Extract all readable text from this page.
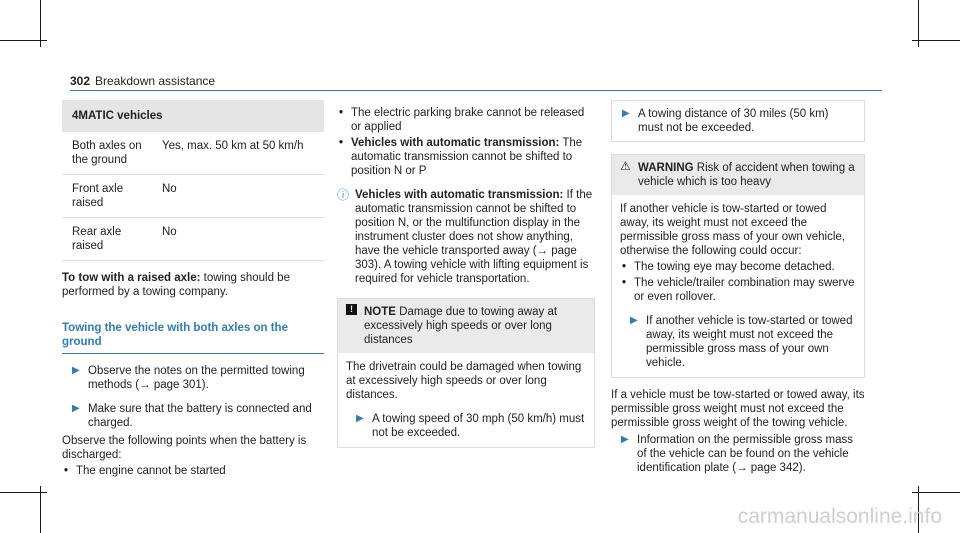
302 Breakdown assistance
4MATIC vehicles	
Both axles on the ground	Yes, max. 50 km at 50 km/h
Front axle raised	No
Rear axle raised	No
To tow with a raised axle: towing should be performed by a towing company.
Towing the vehicle with both axles on the ground
▶ Observe the notes on the permitted towing methods (→ page 301).
▶ Make sure that the battery is connected and charged.
Observe the following points when the battery is discharged:
• The engine cannot be started
• The electric parking brake cannot be released or applied
• Vehicles with automatic transmission: The automatic transmission cannot be shifted to position N or P
ⓘ Vehicles with automatic transmission: If the automatic transmission cannot be shifted to position N, or the multifunction display in the instrument cluster does not show anything, have the vehicle transported away (→ page 303). A towing vehicle with lifting equipment is required for vehicle transportation.
! NOTE Damage due to towing away at excessively high speeds or over long distances
The drivetrain could be damaged when towing at excessively high speeds or over long distances.
▶ A towing speed of 30 mph (50 km/h) must not be exceeded.
▶ A towing distance of 30 miles (50 km) must not be exceeded.
⚠ WARNING Risk of accident when towing a vehicle which is too heavy
If another vehicle is tow-started or towed away, its weight must not exceed the permissible gross mass of your own vehicle, otherwise the following could occur:
• The towing eye may become detached.
• The vehicle/trailer combination may swerve or even rollover.
▶ If another vehicle is tow-started or towed away, its weight must not exceed the permissible gross mass of your own vehicle.
If a vehicle must be tow-started or towed away, its permissible gross weight must not exceed the permissible gross weight of the towing vehicle.
▶ Information on the permissible gross mass of the vehicle can be found on the vehicle identification plate (→ page 342).
carmanualsonline.info
